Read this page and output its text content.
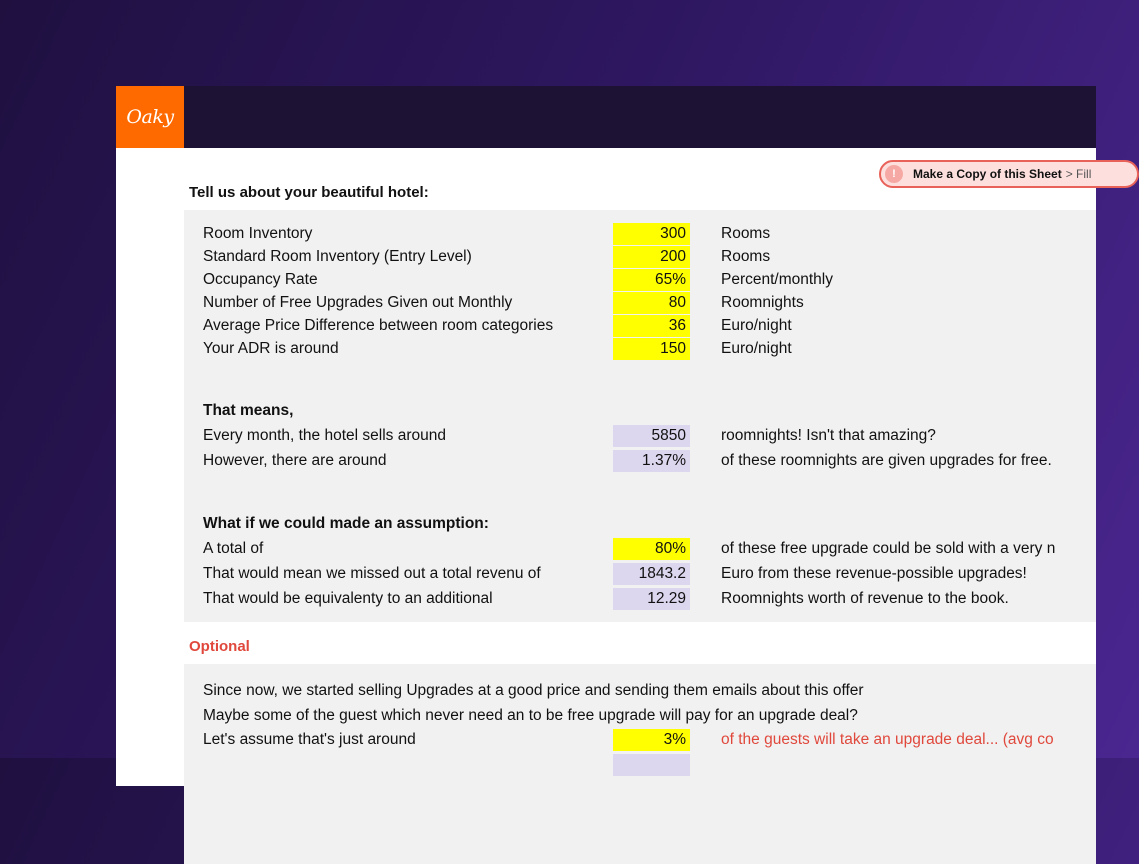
Oaky
!	Make a Copy of this Sheet > Fill
Tell us about your beautiful hotel:
Room Inventory	300 Rooms
Standard Room Inventory (Entry Level)	200 Rooms
Occupancy Rate	65% Percent/monthly
Number of Free Upgrades Given out Monthly	80 Roomnights
Average Price Difference between room categories	36 Euro/night
Your ADR is around	150 Euro/night
That means,
Every month, the hotel sells around	5850 roomnights! Isn't that amazing?
However, there are around	1.37% of these roomnights are given upgrades for free.
What if we could made an assumption:
A total of	80% of these free upgrade could be sold with a very n
That would mean we missed out a total revenu of	1843.2 Euro from these revenue-possible upgrades!
That would be equivalenty to an additional	12.29 Roomnights worth of revenue to the book.
Optional
Since now, we started selling Upgrades at a good price and sending them emails about this offer
Maybe some of the guest which never need an to be free upgrade will pay for an upgrade deal?
Let's assume that's just around	3% of the guests will take an upgrade deal... (avg co
